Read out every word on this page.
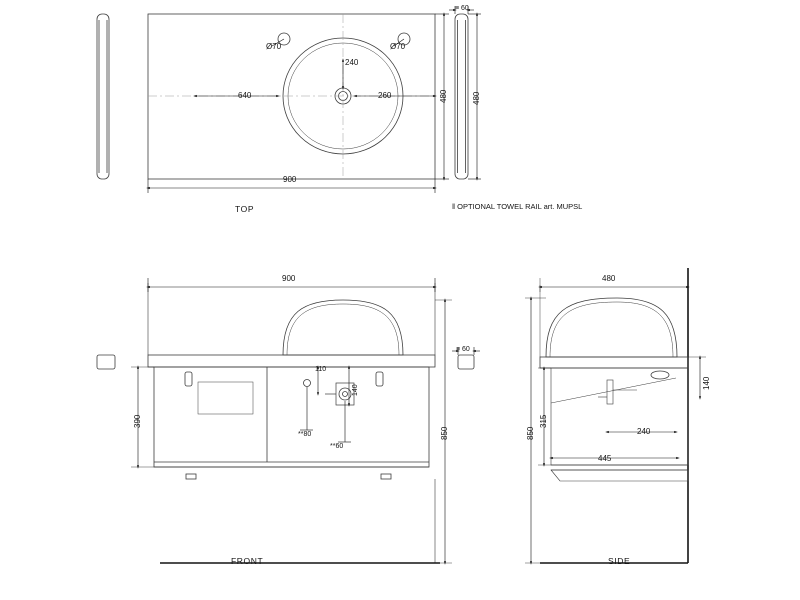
900
480
640	260
240
Ø70	Ø70
TOP
≡ 60
480
‖ OPTIONAL TOWEL RAIL art. MUPSL
900
390
850
110
140
**80
**60
≡ 60
FRONT
480
140
315
850	240
445
SIDE
